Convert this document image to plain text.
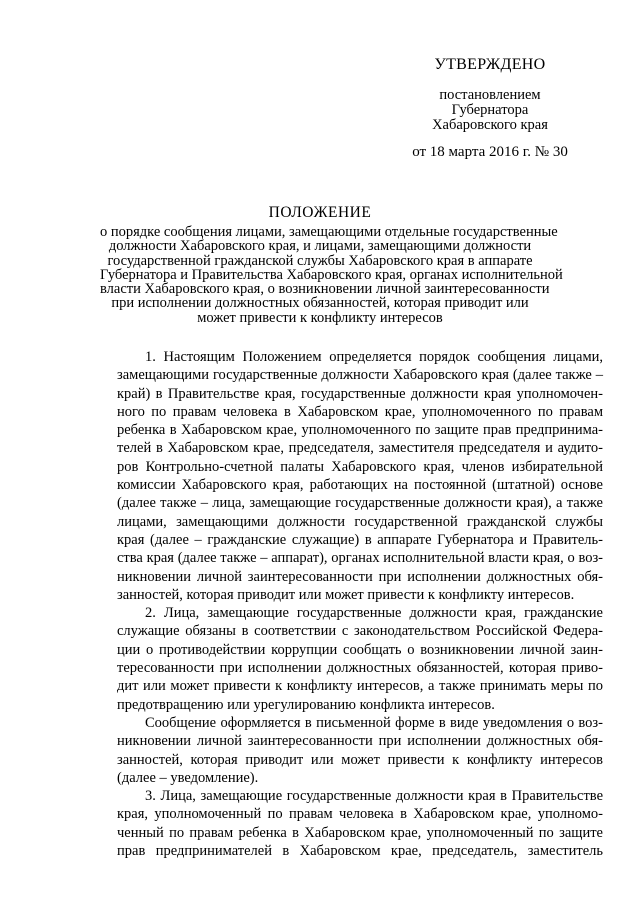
УТВЕРЖДЕНО
постановлением
Губернатора
Хабаровского края
от 18 марта 2016 г. № 30
ПОЛОЖЕНИЕ
о порядке сообщения лицами, замещающими отдельные государственные
должности Хабаровского края, и лицами, замещающими должности
государственной гражданской службы Хабаровского края в аппарате
Губернатора и Правительства Хабаровского края, органах исполнительной
власти Хабаровского края, о возникновении личной заинтересованности
при исполнении должностных обязанностей, которая приводит или
может привести к конфликту интересов
1. Настоящим Положением определяется порядок сообщения лицами,
замещающими государственные должности Хабаровского края (далее также –
край) в Правительстве края, государственные должности края уполномочен-
ного по правам человека в Хабаровском крае, уполномоченного по правам
ребенка в Хабаровском крае, уполномоченного по защите прав предпринима-
телей в Хабаровском крае, председателя, заместителя председателя и аудито-
ров Контрольно-счетной палаты Хабаровского края, членов избирательной
комиссии Хабаровского края, работающих на постоянной (штатной) основе
(далее также – лица, замещающие государственные должности края), а также
лицами, замещающими должности государственной гражданской службы
края (далее – гражданские служащие) в аппарате Губернатора и Правитель-
ства края (далее также – аппарат), органах исполнительной власти края, о воз-
никновении личной заинтересованности при исполнении должностных обя-
занностей, которая приводит или может привести к конфликту интересов.
2. Лица, замещающие государственные должности края, гражданские
служащие обязаны в соответствии с законодательством Российской Федера-
ции о противодействии коррупции сообщать о возникновении личной заин-
тересованности при исполнении должностных обязанностей, которая приво-
дит или может привести к конфликту интересов, а также принимать меры по
предотвращению или урегулированию конфликта интересов.
Сообщение оформляется в письменной форме в виде уведомления о воз-
никновении личной заинтересованности при исполнении должностных обя-
занностей, которая приводит или может привести к конфликту интересов
(далее – уведомление).
3. Лица, замещающие государственные должности края в Правительстве
края, уполномоченный по правам человека в Хабаровском крае, уполномо-
ченный по правам ребенка в Хабаровском крае, уполномоченный по защите
прав предпринимателей в Хабаровском крае, председатель, заместитель
